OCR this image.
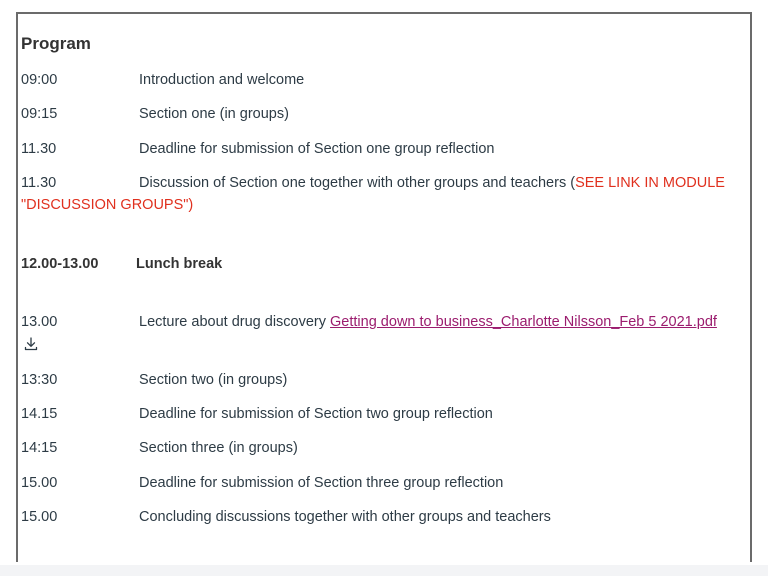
Program
09:00	Introduction and welcome
09:15	Section one (in groups)
11.30	Deadline for submission of Section one group reflection
11.30	Discussion of Section one together with other groups and teachers (SEE LINK IN MODULE
"DISCUSSION GROUPS")
12.00-13.00	Lunch break
13.00	Lecture about drug discovery Getting down to business_Charlotte Nilsson_Feb 5 2021.pdf
13:30	Section two (in groups)
14.15	Deadline for submission of Section two group reflection
14:15	Section three (in groups)
15.00	Deadline for submission of Section three group reflection
15.00	Concluding discussions together with other groups and teachers
